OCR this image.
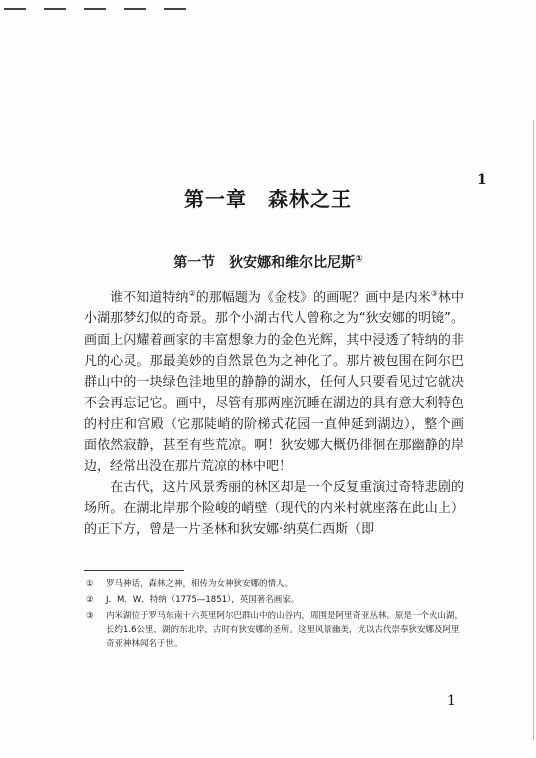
1
第一章　森林之王
第一节　狄安娜和维尔比尼斯①

　　谁不知道特纳②的那幅题为《金枝》的画呢？画中是内米③林中小湖那梦幻似的奇景。那个小湖古代人曾称之为“狄安娜的明镜”。画面上闪耀着画家的丰富想象力的金色光辉，其中浸透了特纳的非凡的心灵。那最美妙的自然景色为之神化了。那片被包围在阿尔巴群山中的一块绿色洼地里的静静的湖水，任何人只要看见过它就决不会再忘记它。画中，尽管有那两座沉睡在湖边的具有意大利特色的村庄和宫殿（它那陡峭的阶梯式花园一直伸延到湖边），整个画面依然寂静，甚至有些荒凉。啊！狄安娜大概仍徘徊在那幽静的岸边，经常出没在那片荒凉的林中吧！

　　在古代，这片风景秀丽的林区却是一个反复重演过奇特悲剧的场所。在湖北岸那个险峻的峭壁（现代的内米村就座落在此山上）的正下方，曾是一片圣林和狄安娜·纳莫仁西斯（即

①	罗马神话，森林之神，相传为女神狄安娜的情人。
②	J．M．W．特纳（1775—1851），英国著名画家。
③	内米湖位于罗马东南十六英里阿尔巴群山中的山谷内，周围是阿里奇亚丛林。原是一个火山湖，长约1.6公里，湖的东北岸，古时有狄安娜的圣所。这里风景幽美，尤以古代崇奉狄安娜及阿里奇亚神林闻名于世。
1
